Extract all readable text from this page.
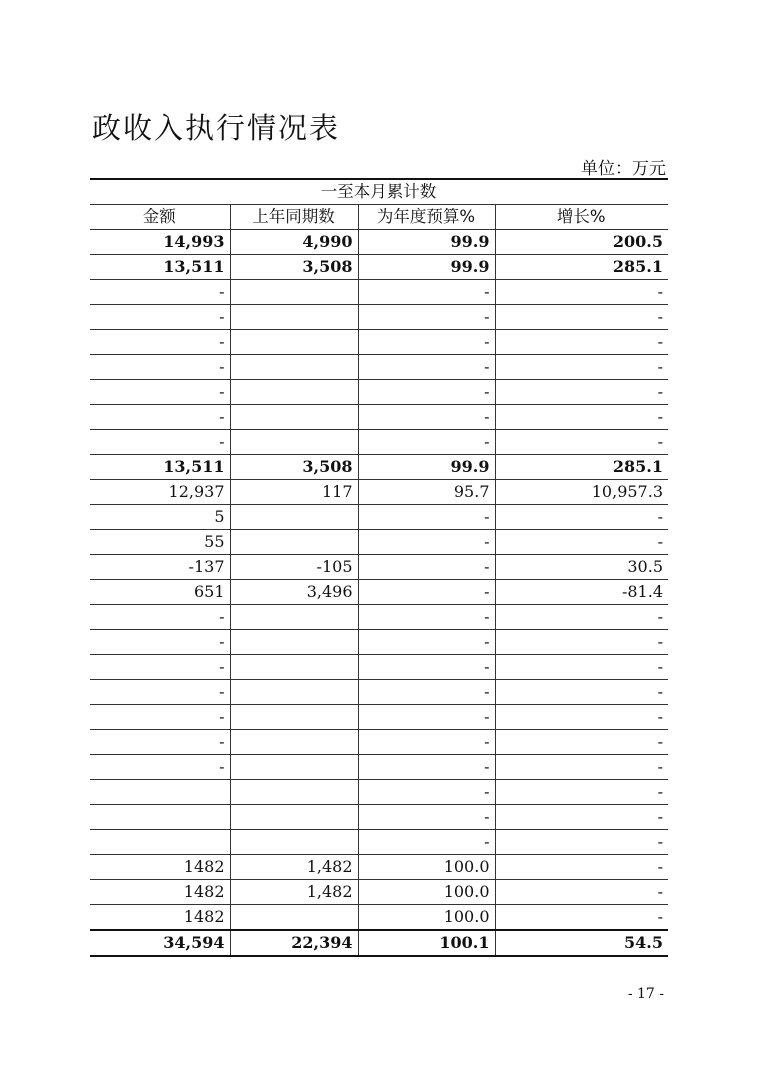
政收入执行情况表
单位：万元
一至本月累计数			
金额	上年同期数	为年度预算%	增长%
14,993	4,990	99.9	200.5
13,511	3,508	99.9	285.1
-		-	-
-		-	-
-		-	-
-		-	-
-		-	-
-		-	-
-		-	-
13,511	3,508	99.9	285.1
12,937	117	95.7	10,957.3
5		-	-
55		-	-
-137	-105	-	30.5
651	3,496	-	-81.4
-		-	-
-		-	-
-		-	-
-		-	-
-		-	-
-		-	-
-		-	-
		-	-
		-	-
		-	-
1482	1,482	100.0	-
1482	1,482	100.0	-
1482		100.0	-
34,594	22,394	100.1	54.5
- 17 -
